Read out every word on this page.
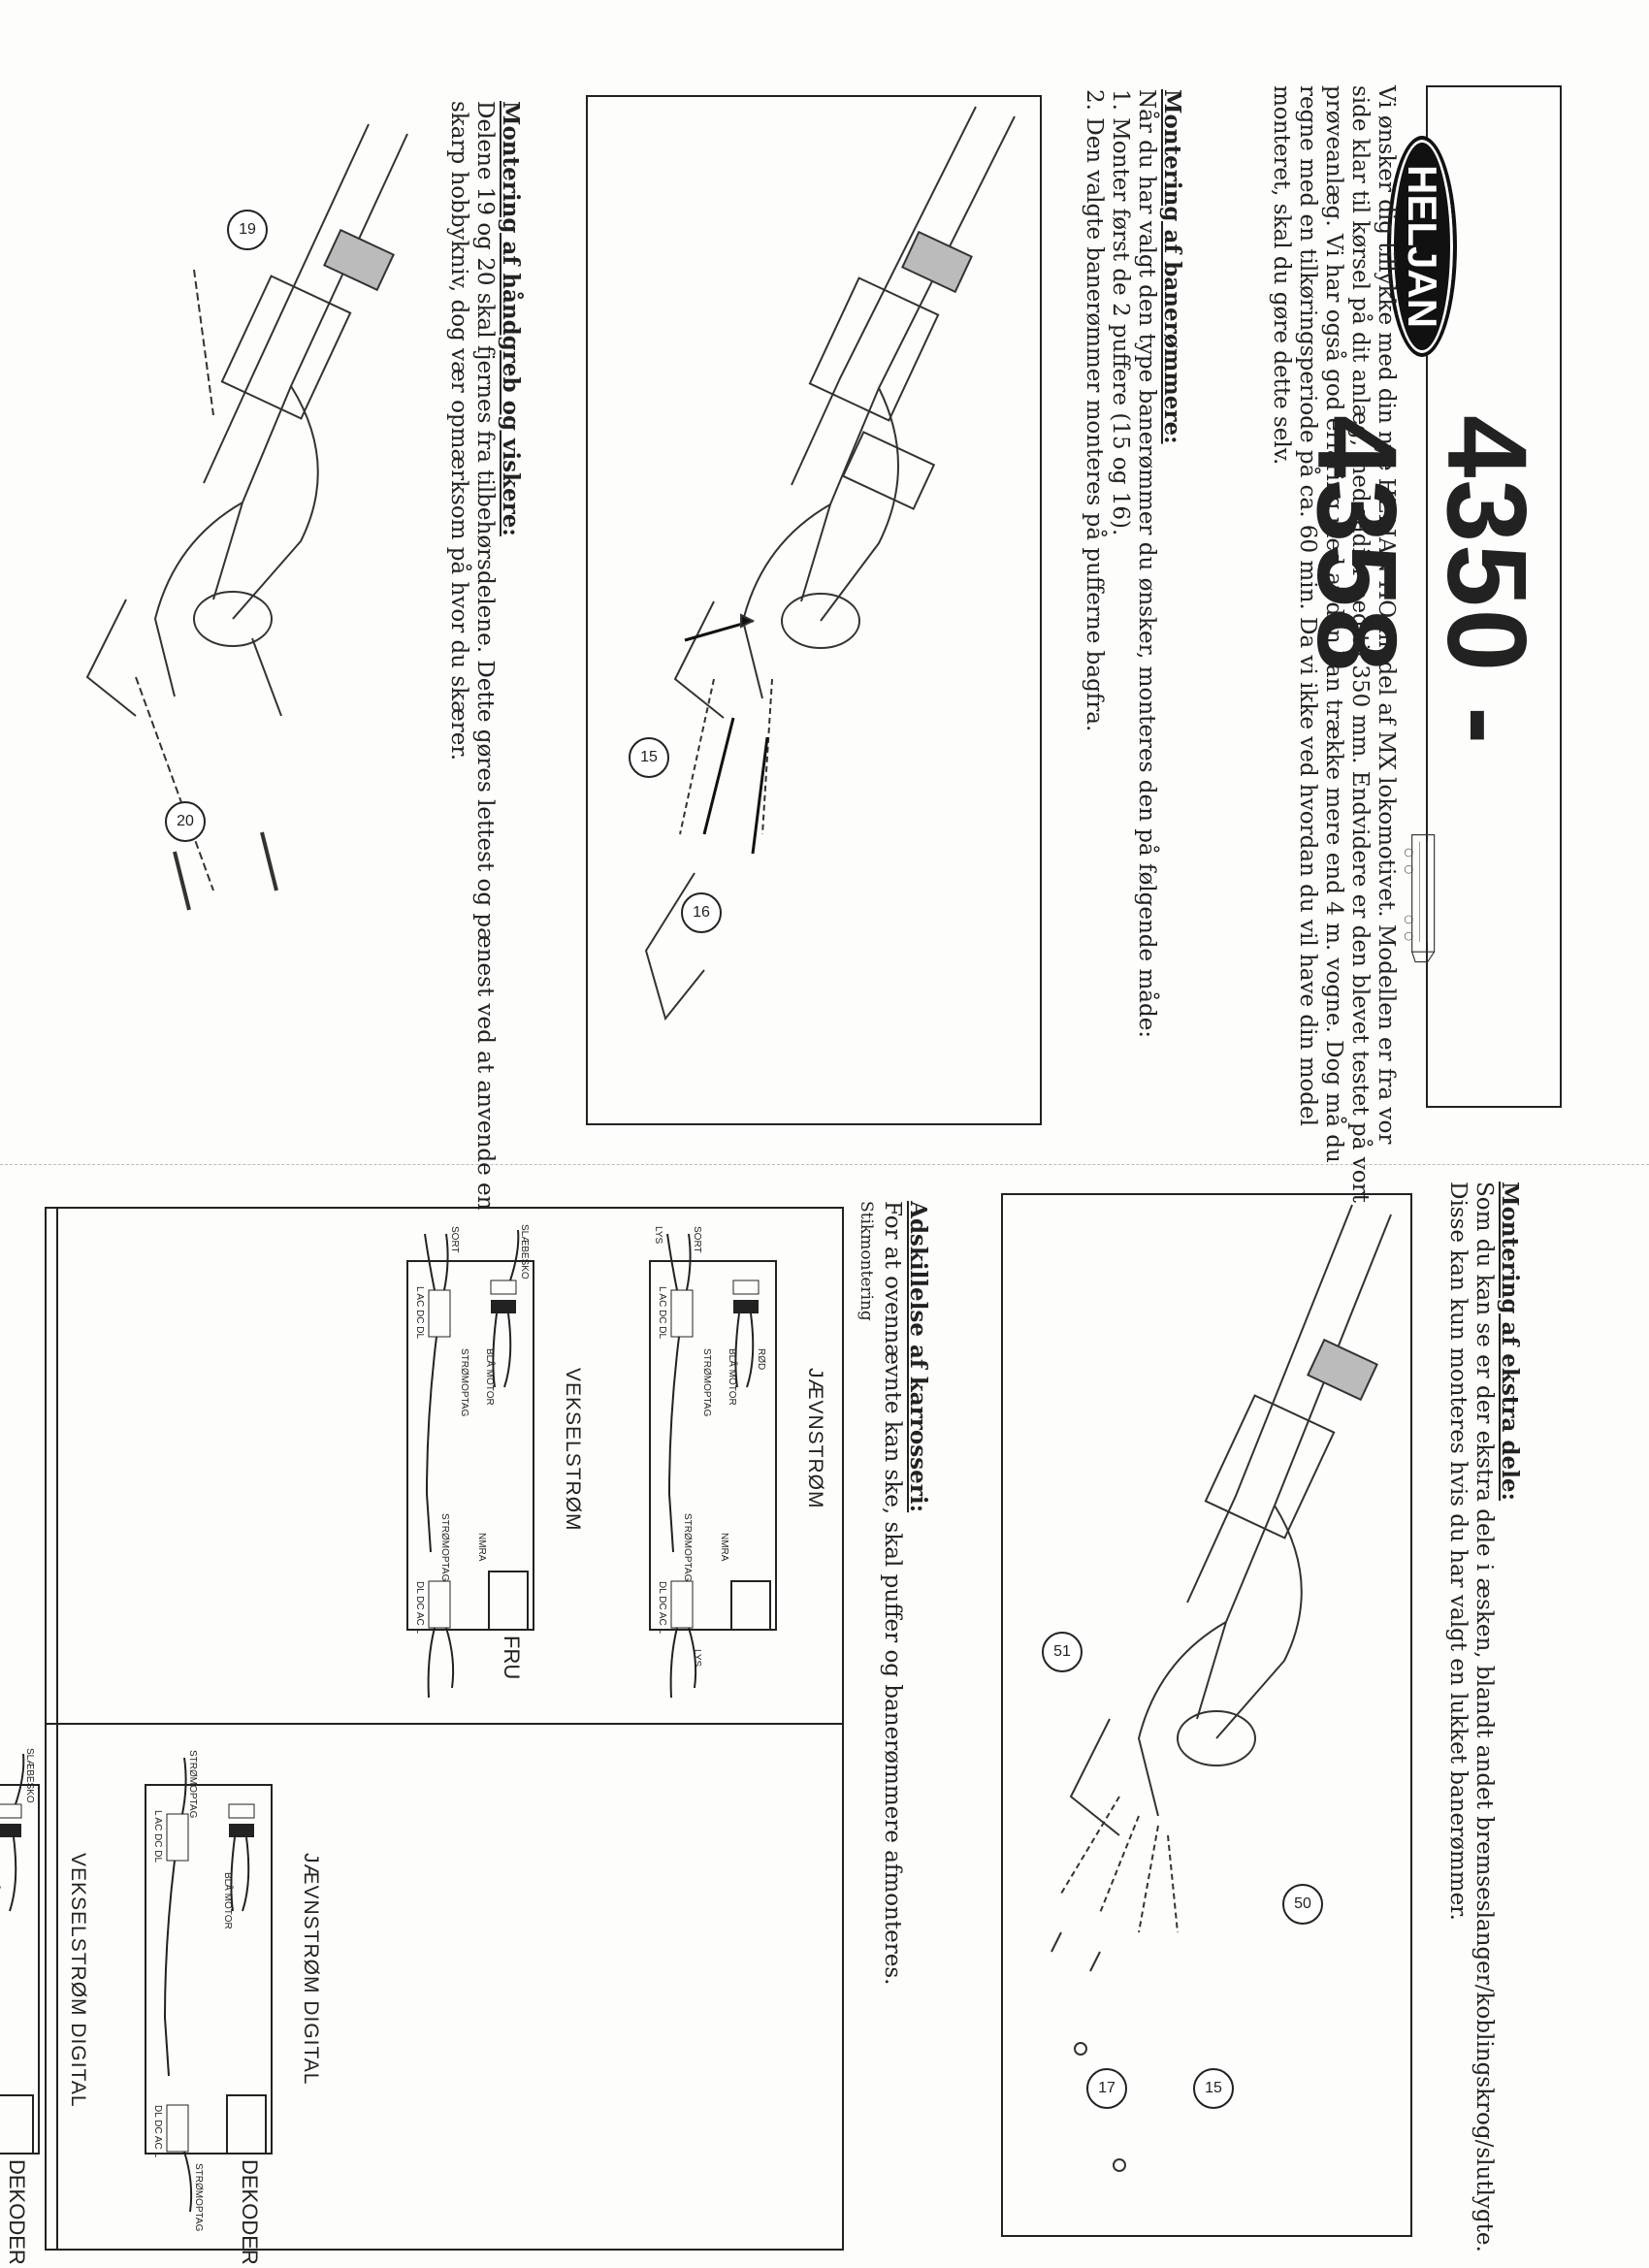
HELJAN
4350 - 4358
Vi ønsker dig tillykke med din nye HELJAN HO-model af MX lokomotivet. Modellen er fra vor
side klar til kørsel på dit anlæg, med radier ned til 350 mm. Endvidere er den blevet testet på vort
prøveanlæg. Vi har også god erfaring med at den kan trække mere end 4 m. vogne. Dog må du
regne med en tilkøringsperiode på ca. 60 min. Da vi ikke ved hvordan du vil have din model
monteret, skal du gøre dette selv.
Montering af banerømmere:
Når du har valgt den type banerømmer du ønsker, monteres den på følgende måde:
1. Monter først de 2 puffere (15 og 16).
2. Den valgte banerømmer monteres på pufferne bagfra.
15
16
Montering af håndgreb og viskere:
Delene 19 og 20 skal fjernes fra tilbehørsdelene. Dette gøres lettest og pænest ved at anvende en
skarp hobbykniv, dog vær opmærksom på hvor du skærer.
19
20
Montering af ekstra dele:
Som du kan se er der ekstra dele i æsken, blandt andet bremseslanger/koblingskrog/slutlygte.
Disse kan kun monteres hvis du har valgt en lukket banerømmer.
51
50
17	15
Adskillelse af karrosseri:
For at ovennævnte kan ske, skal puffer og banerømmere afmonteres.
Stikmontering
JÆVNSTRØM
RØD
BLÅ MOTOR
STRØMOPTAG
SORT
LYS
L AC DC DL
NMRA
STRØMOPTAG
LYS
DL DC AC L
VEKSELSTRØM
SLÆBESKO
BLÅ MOTOR
STRØMOPTAG
SORT
L AC DC DL
FRU
NMRA
STRØMOPTAG
DL DC AC L
JÆVNSTRØM DIGITAL
STRØMOPTAG
BLÅ MOTOR
L AC DC DL
DEKODER
STRØMOPTAG
DL DC AC L
VEKSELSTRØM DIGITAL
SLÆBESKO
DEKODER
